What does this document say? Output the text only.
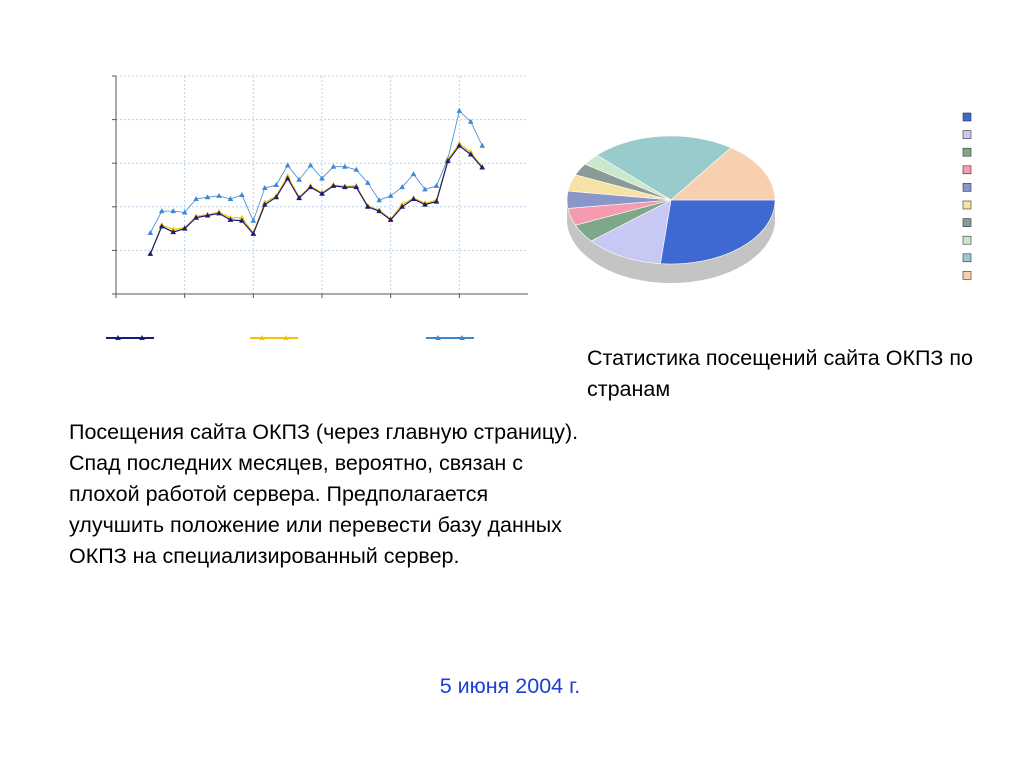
Статистика посещений сайта ОКПЗ по странам

Посещения сайта ОКПЗ (через главную страницу). Спад последних месяцев, вероятно, связан с плохой работой сервера. Предполагается улучшить положение или перевести базу данных ОКПЗ на специализированный сервер.

5 июня 2004 г.
